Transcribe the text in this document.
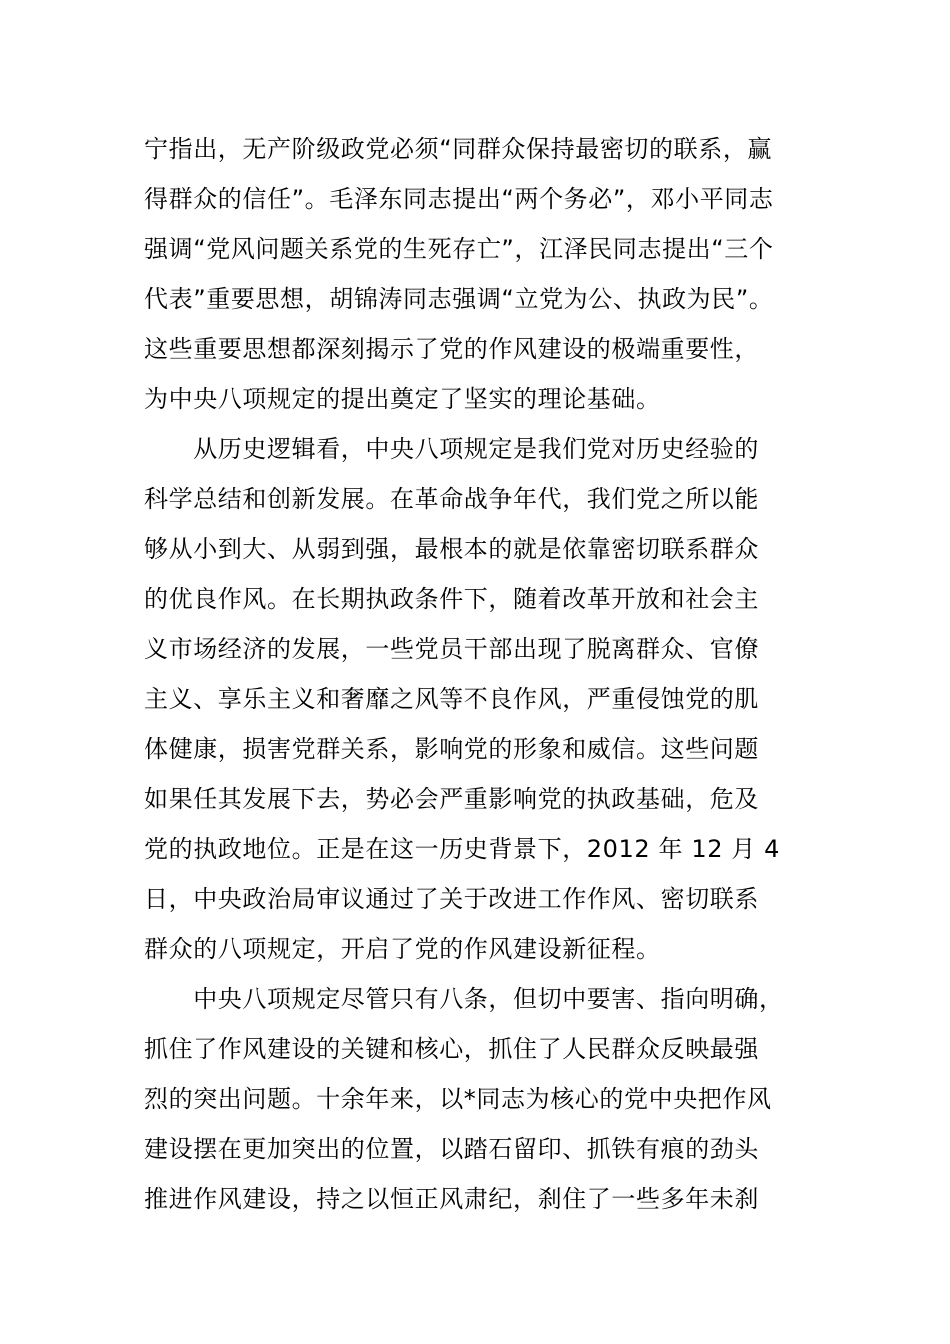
宁指出，无产阶级政党必须“同群众保持最密切的联系，赢
得群众的信任”。毛泽东同志提出“两个务必”，邓小平同志
强调“党风问题关系党的生死存亡”，江泽民同志提出“三个
代表”重要思想，胡锦涛同志强调“立党为公、执政为民”。
这些重要思想都深刻揭示了党的作风建设的极端重要性，
为中央八项规定的提出奠定了坚实的理论基础。
　　从历史逻辑看，中央八项规定是我们党对历史经验的
科学总结和创新发展。在革命战争年代，我们党之所以能
够从小到大、从弱到强，最根本的就是依靠密切联系群众
的优良作风。在长期执政条件下，随着改革开放和社会主
义市场经济的发展，一些党员干部出现了脱离群众、官僚
主义、享乐主义和奢靡之风等不良作风，严重侵蚀党的肌
体健康，损害党群关系，影响党的形象和威信。这些问题
如果任其发展下去，势必会严重影响党的执政基础，危及
党的执政地位。正是在这一历史背景下，2012 年 12 月 4
日，中央政治局审议通过了关于改进工作作风、密切联系
群众的八项规定，开启了党的作风建设新征程。
　　中央八项规定尽管只有八条，但切中要害、指向明确，
抓住了作风建设的关键和核心，抓住了人民群众反映最强
烈的突出问题。十余年来，以*同志为核心的党中央把作风
建设摆在更加突出的位置，以踏石留印、抓铁有痕的劲头
推进作风建设，持之以恒正风肃纪，刹住了一些多年未刹
